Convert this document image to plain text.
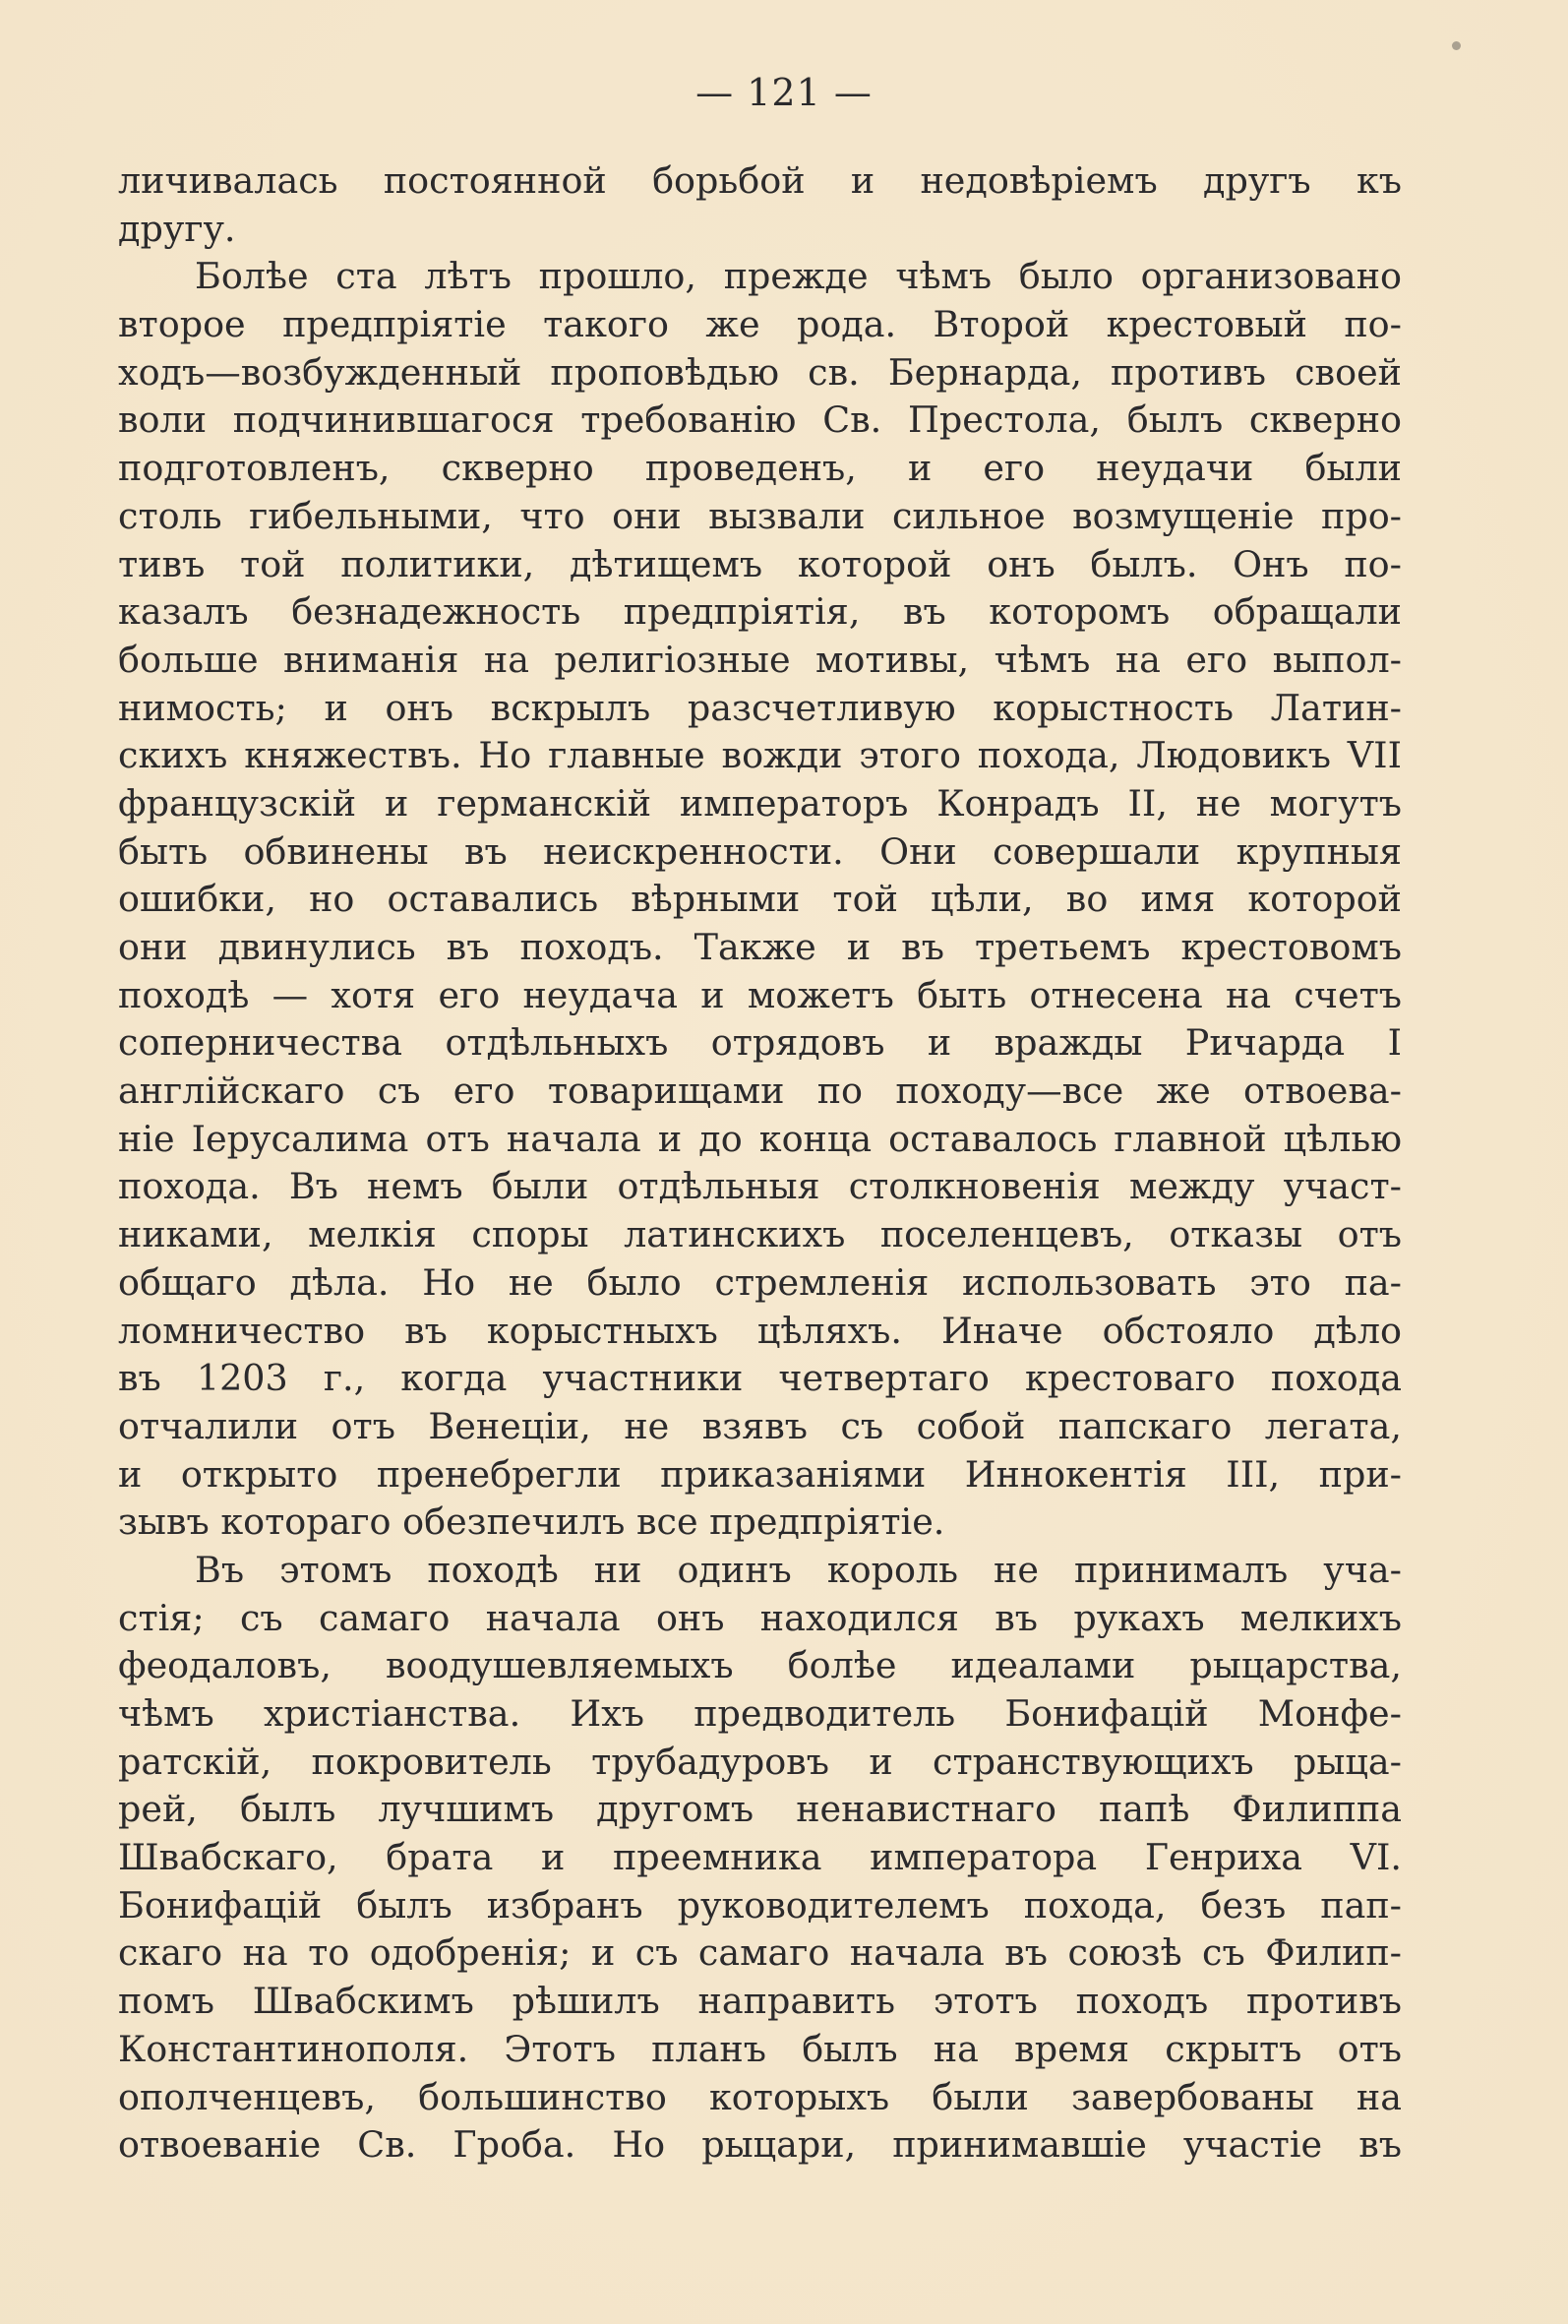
— 121 —
личивалась постоянной борьбой и недовѣріемъ другъ къ
другу.
Болѣе ста лѣтъ прошло, прежде чѣмъ было организовано
второе предпріятіе такого же рода. Второй крестовый по-
ходъ—возбужденный проповѣдью св. Бернарда, противъ своей
воли подчинившагося требованію Св. Престола, былъ скверно
подготовленъ, скверно проведенъ, и его неудачи были
столь гибельными, что они вызвали сильное возмущеніе про-
тивъ той политики, дѣтищемъ которой онъ былъ. Онъ по-
казалъ безнадежность предпріятія, въ которомъ обращали
больше вниманія на религіозные мотивы, чѣмъ на его выпол-
нимость; и онъ вскрылъ разсчетливую корыстность Латин-
скихъ княжествъ. Но главные вожди этого похода, Людовикъ VII
французскій и германскій императоръ Конрадъ II, не могутъ
быть обвинены въ неискренности. Они совершали крупныя
ошибки, но оставались вѣрными той цѣли, во имя которой
они двинулись въ походъ. Также и въ третьемъ крестовомъ
походѣ — хотя его неудача и можетъ быть отнесена на счетъ
соперничества отдѣльныхъ отрядовъ и вражды Ричарда I
англійскаго съ его товарищами по походу—все же отвоева-
ніе Іерусалима отъ начала и до конца оставалось главной цѣлью
похода. Въ немъ были отдѣльныя столкновенія между участ-
никами, мелкія споры латинскихъ поселенцевъ, отказы отъ
общаго дѣла. Но не было стремленія использовать это па-
ломничество въ корыстныхъ цѣляхъ. Иначе обстояло дѣло
въ 1203 г., когда участники четвертаго крестоваго похода
отчалили отъ Венеціи, не взявъ съ собой папскаго легата,
и открыто пренебрегли приказаніями Иннокентія III, при-
зывъ котораго обезпечилъ все предпріятіе.
Въ этомъ походѣ ни одинъ король не принималъ уча-
стія; съ самаго начала онъ находился въ рукахъ мелкихъ
феодаловъ, воодушевляемыхъ болѣе идеалами рыцарства,
чѣмъ христіанства. Ихъ предводитель Бонифацій Монфе-
ратскій, покровитель трубадуровъ и странствующихъ рыца-
рей, былъ лучшимъ другомъ ненавистнаго папѣ Филиппа
Швабскаго, брата и преемника императора Генриха VI.
Бонифацій былъ избранъ руководителемъ похода, безъ пап-
скаго на то одобренія; и съ самаго начала въ союзѣ съ Филип-
помъ Швабскимъ рѣшилъ направить этотъ походъ противъ
Константинополя. Этотъ планъ былъ на время скрытъ отъ
ополченцевъ, большинство которыхъ были завербованы на
отвоеваніе Св. Гроба. Но рыцари, принимавшіе участіе въ
